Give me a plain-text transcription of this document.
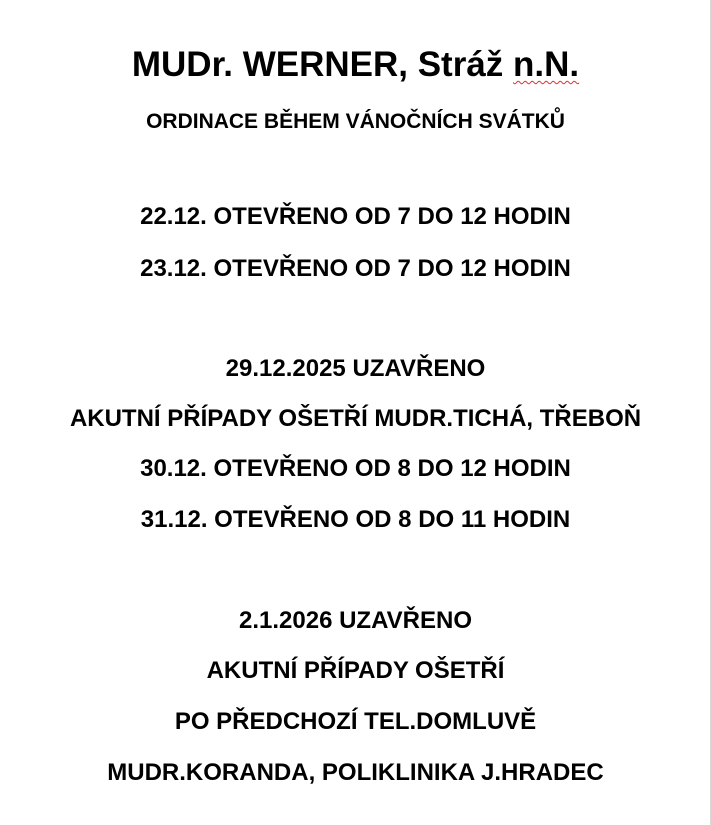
MUDr. WERNER, Stráž n.N.
ORDINACE BĚHEM VÁNOČNÍCH SVÁTKŮ
22.12. OTEVŘENO OD 7 DO 12 HODIN
23.12. OTEVŘENO OD 7 DO 12 HODIN
29.12.2025 UZAVŘENO
AKUTNÍ PŘÍPADY OŠETŘÍ MUDR.TICHÁ, TŘEBOŇ
30.12. OTEVŘENO OD 8 DO 12 HODIN
31.12. OTEVŘENO OD 8 DO 11 HODIN
2.1.2026 UZAVŘENO
AKUTNÍ PŘÍPADY OŠETŘÍ
PO PŘEDCHOZÍ TEL.DOMLUVĚ
MUDR.KORANDA, POLIKLINIKA J.HRADEC
